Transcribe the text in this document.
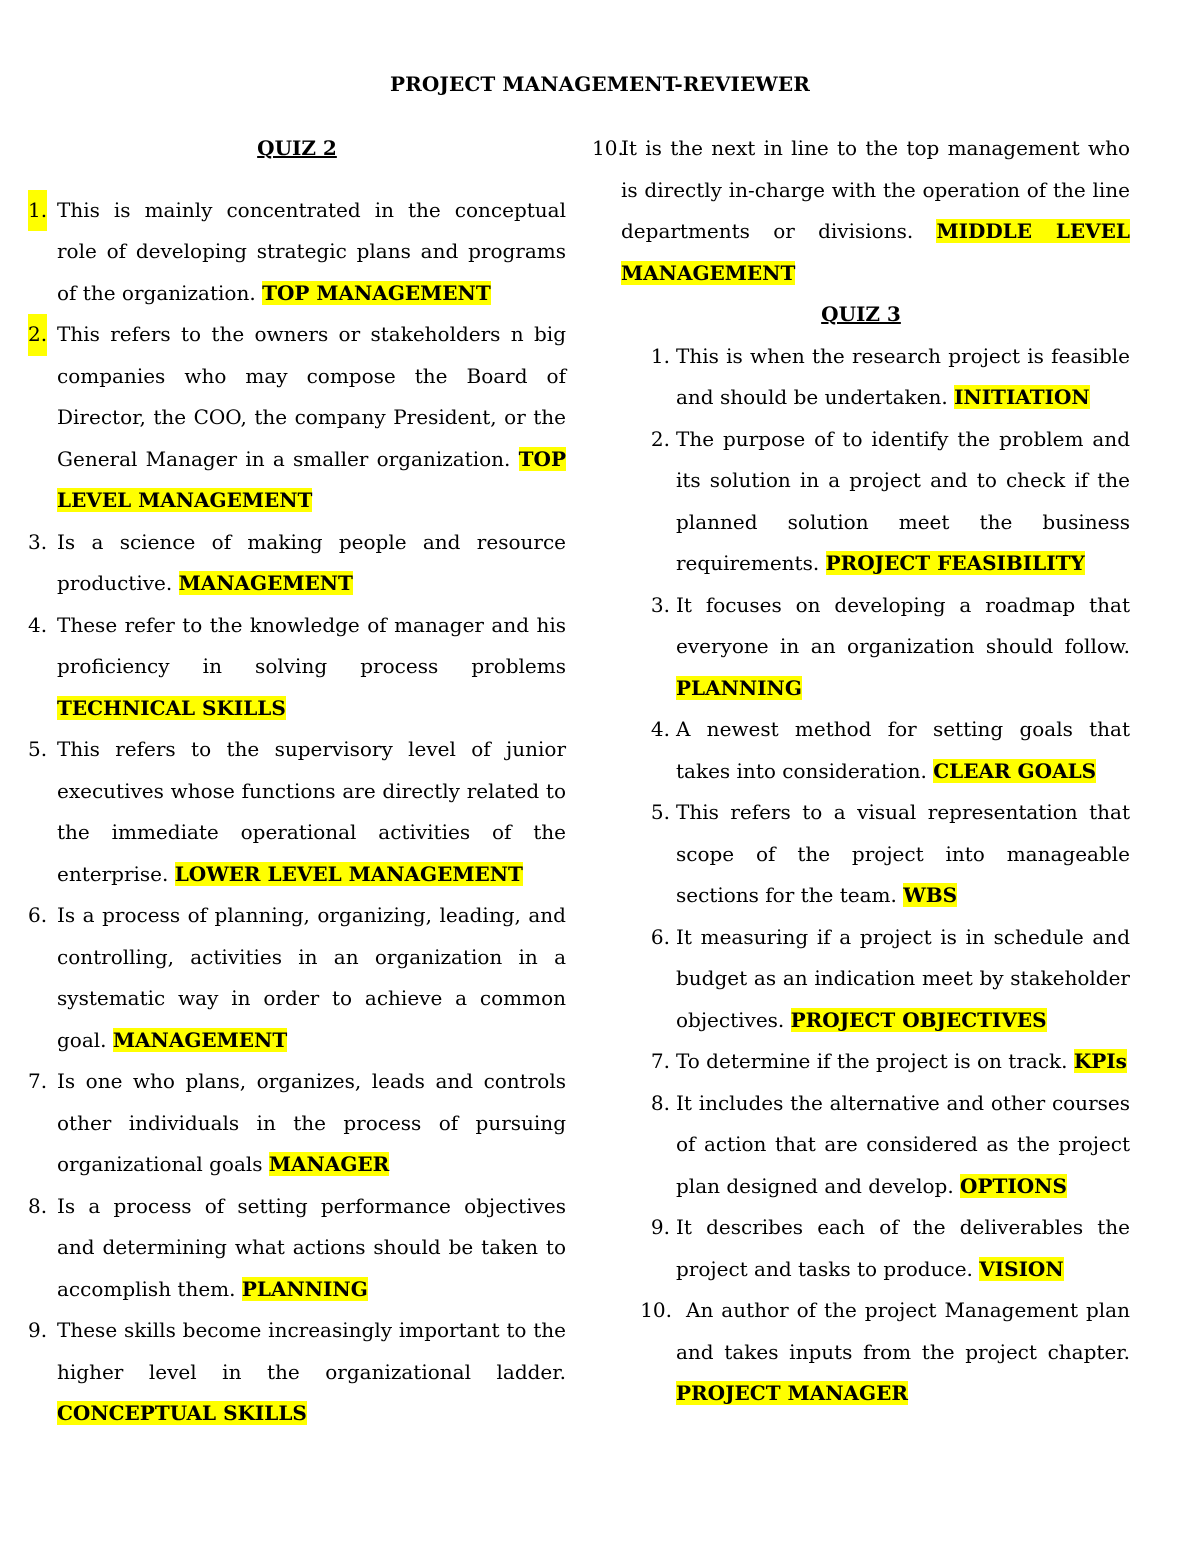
PROJECT MANAGEMENT-REVIEWER
QUIZ 2
1. This is mainly concentrated in the conceptual role of developing strategic plans and programs of the organization. TOP MANAGEMENT
2. This refers to the owners or stakeholders n big companies who may compose the Board of Director, the COO, the company President, or the General Manager in a smaller organization. TOP LEVEL MANAGEMENT
3. Is a science of making people and resource productive. MANAGEMENT
4. These refer to the knowledge of manager and his proficiency in solving process problems TECHNICAL SKILLS
5. This refers to the supervisory level of junior executives whose functions are directly related to the immediate operational activities of the enterprise. LOWER LEVEL MANAGEMENT
6. Is a process of planning, organizing, leading, and controlling, activities in an organization in a systematic way in order to achieve a common goal. MANAGEMENT
7. Is one who plans, organizes, leads and controls other individuals in the process of pursuing organizational goals MANAGER
8. Is a process of setting performance objectives and determining what actions should be taken to accomplish them. PLANNING
9. These skills become increasingly important to the higher level in the organizational ladder. CONCEPTUAL SKILLS
10.
It is the next in line to the top management who is directly in-charge with the operation of the line departments or divisions. MIDDLE LEVEL MANAGEMENT
QUIZ 3
1. This is when the research project is feasible and should be undertaken. INITIATION
2. The purpose of to identify the problem and its solution in a project and to check if the planned solution meet the business requirements. PROJECT FEASIBILITY
3. It focuses on developing a roadmap that everyone in an organization should follow. PLANNING
4. A newest method for setting goals that takes into consideration. CLEAR GOALS
5. This refers to a visual representation that scope of the project into manageable sections for the team. WBS
6. It measuring if a project is in schedule and budget as an indication meet by stakeholder objectives. PROJECT OBJECTIVES
7. To determine if the project is on track. KPIs
8. It includes the alternative and other courses of action that are considered as the project plan designed and develop. OPTIONS
9. It describes each of the deliverables the project and tasks to produce. VISION
10. An author of the project Management plan and takes inputs from the project chapter. PROJECT MANAGER
